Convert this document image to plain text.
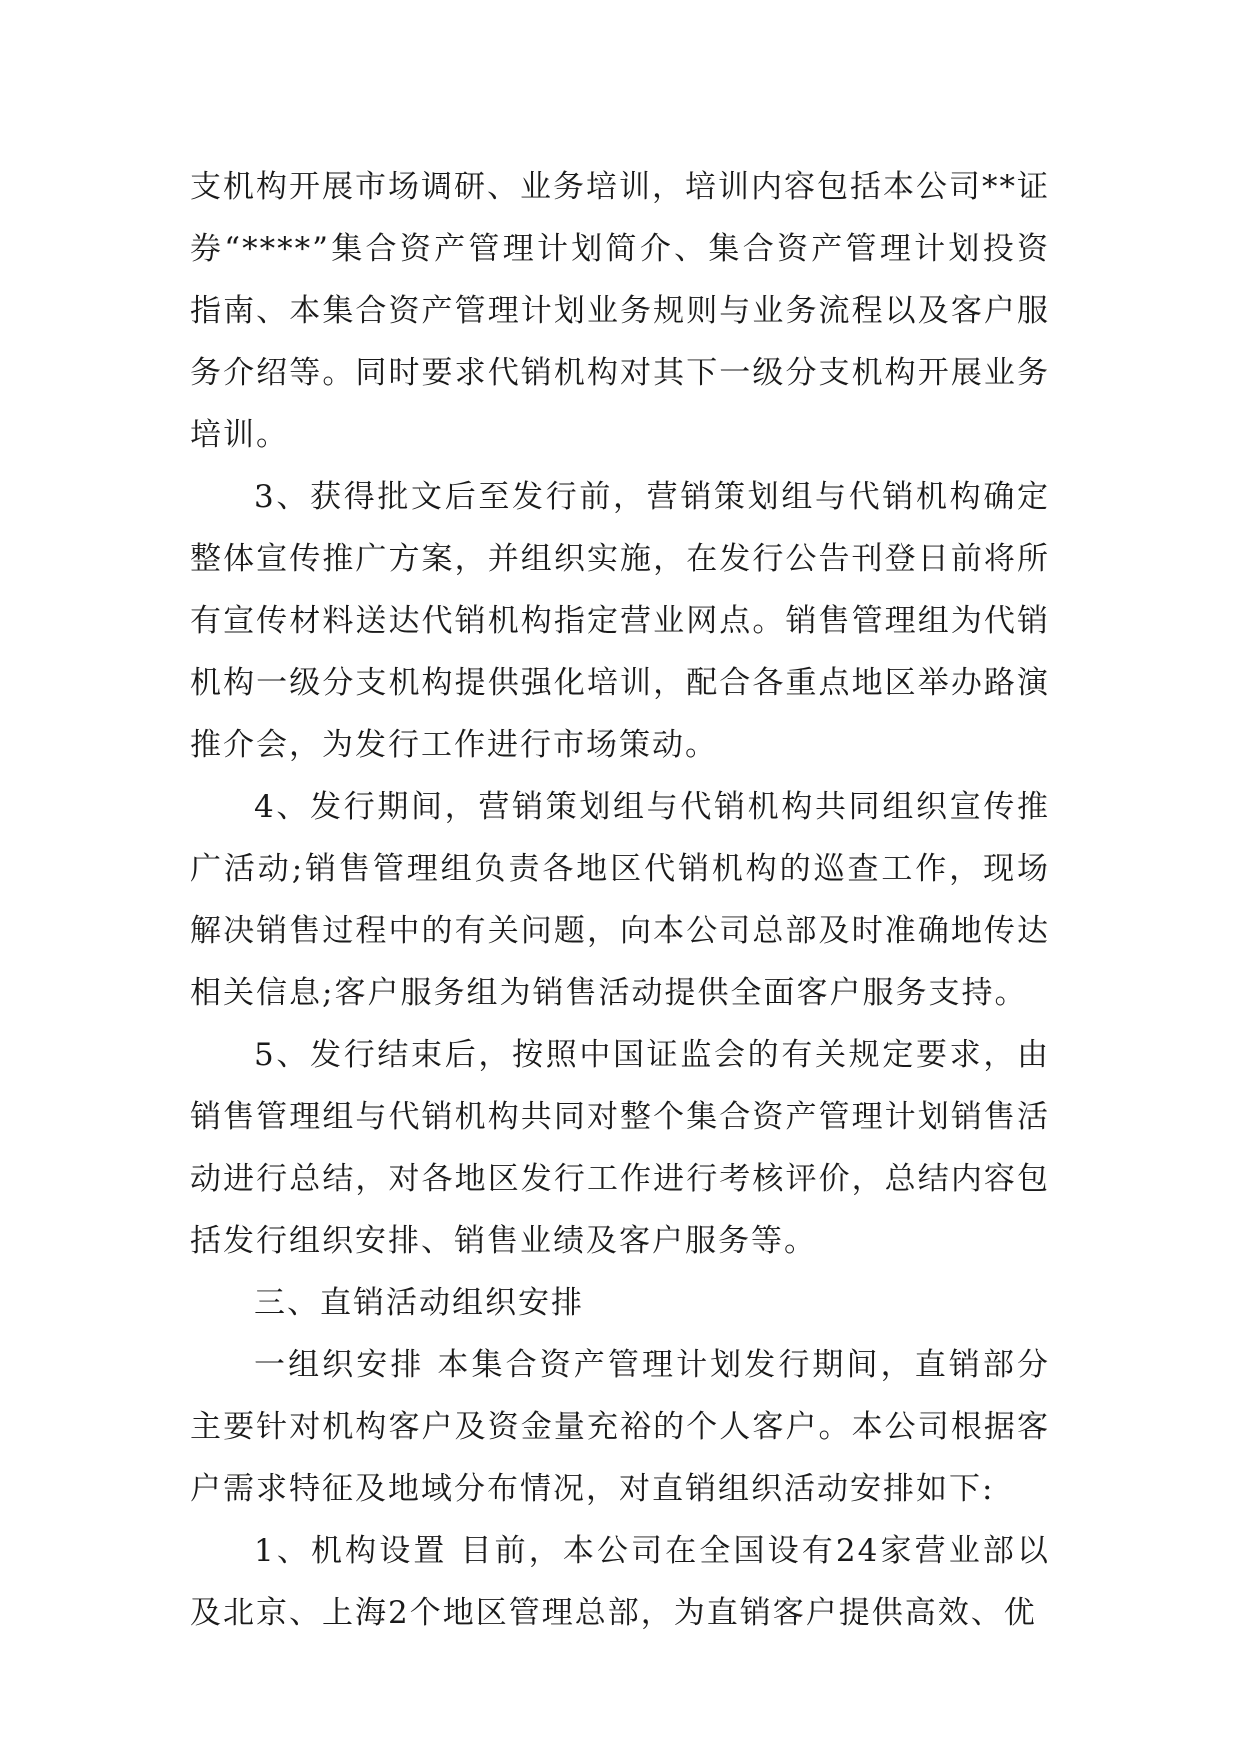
支机构开展市场调研、业务培训，培训内容包括本公司**证券“****”集合资产管理计划简介、集合资产管理计划投资指南、本集合资产管理计划业务规则与业务流程以及客户服务介绍等。同时要求代销机构对其下一级分支机构开展业务培训。

3、获得批文后至发行前，营销策划组与代销机构确定整体宣传推广方案，并组织实施，在发行公告刊登日前将所有宣传材料送达代销机构指定营业网点。销售管理组为代销机构一级分支机构提供强化培训，配合各重点地区举办路演推介会，为发行工作进行市场策动。

4、发行期间，营销策划组与代销机构共同组织宣传推广活动;销售管理组负责各地区代销机构的巡查工作，现场解决销售过程中的有关问题，向本公司总部及时准确地传达相关信息;客户服务组为销售活动提供全面客户服务支持。

5、发行结束后，按照中国证监会的有关规定要求，由销售管理组与代销机构共同对整个集合资产管理计划销售活动进行总结，对各地区发行工作进行考核评价，总结内容包括发行组织安排、销售业绩及客户服务等。

三、直销活动组织安排

一组织安排 本集合资产管理计划发行期间，直销部分主要针对机构客户及资金量充裕的个人客户。本公司根据客户需求特征及地域分布情况，对直销组织活动安排如下:

1、机构设置 目前，本公司在全国设有24家营业部以及北京、上海2个地区管理总部，为直销客户提供高效、优
